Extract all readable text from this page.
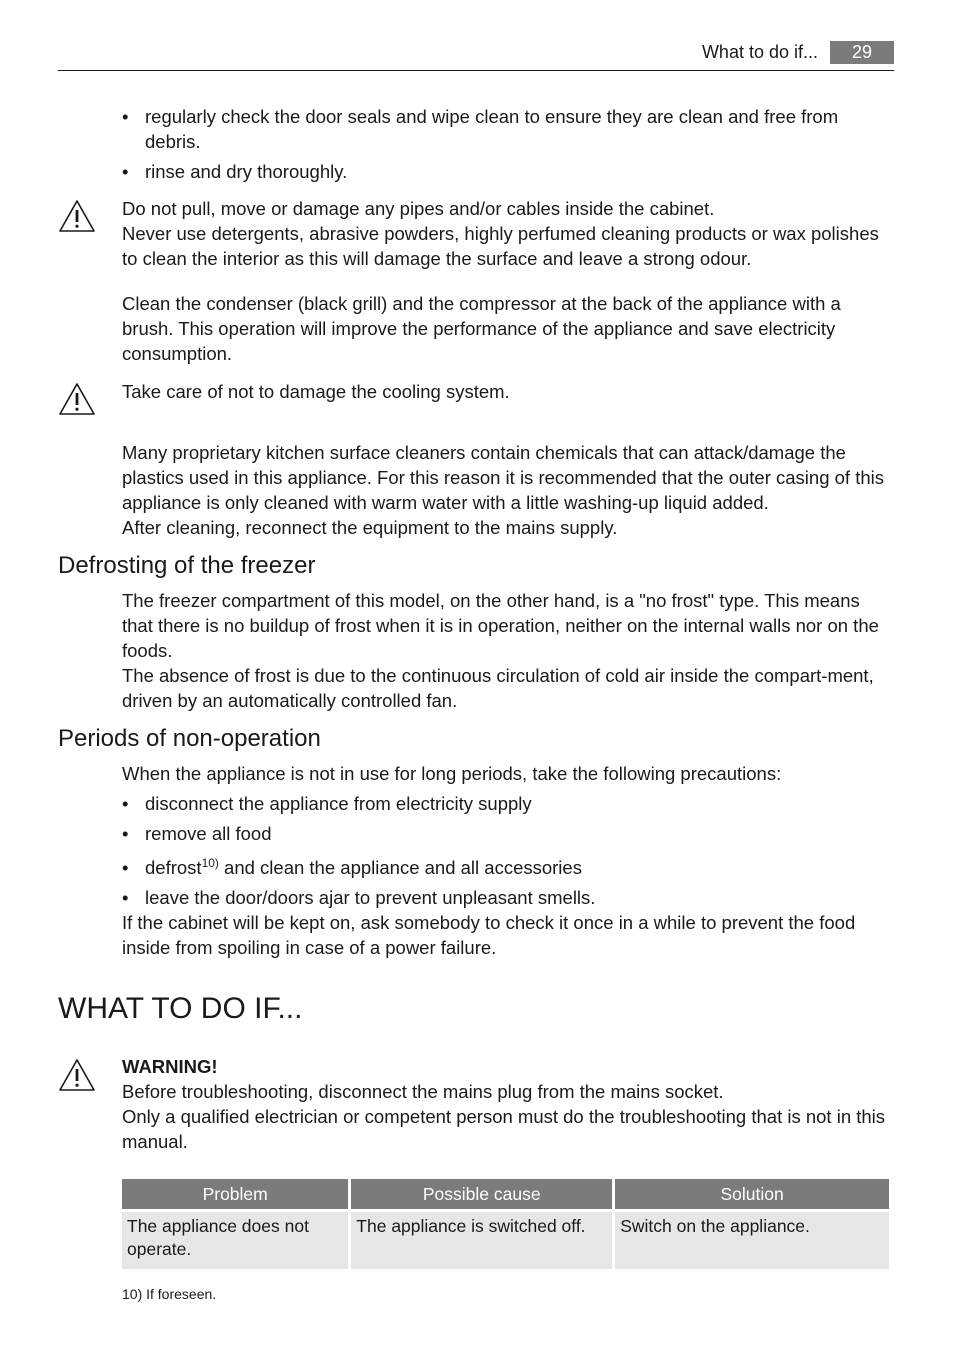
What to do if...	29
• regularly check the door seals and wipe clean to ensure they are clean and free from debris.
• rinse and dry thoroughly.

Do not pull, move or damage any pipes and/or cables inside the cabinet.

Never use detergents, abrasive powders, highly perfumed cleaning products or wax polishes to clean the interior as this will damage the surface and leave a strong odour.

Clean the condenser (black grill) and the compressor at the back of the appliance with a brush. This operation will improve the performance of the appliance and save electricity consumption.

Take care of not to damage the cooling system.

Many proprietary kitchen surface cleaners contain chemicals that can attack/damage the plastics used in this appliance. For this reason it is recommended that the outer casing of this appliance is only cleaned with warm water with a little washing-up liquid added.

After cleaning, reconnect the equipment to the mains supply.

Defrosting of the freezer

The freezer compartment of this model, on the other hand, is a "no frost" type. This means that there is no buildup of frost when it is in operation, neither on the internal walls nor on the foods.

The absence of frost is due to the continuous circulation of cold air inside the compart-ment, driven by an automatically controlled fan.

Periods of non-operation

When the appliance is not in use for long periods, take the following precautions:

• disconnect the appliance from electricity supply
• remove all food
• defrost$^{10)}$ and clean the appliance and all accessories
• leave the door/doors ajar to prevent unpleasant smells.

If the cabinet will be kept on, ask somebody to check it once in a while to prevent the food inside from spoiling in case of a power failure.

WHAT TO DO IF...

WARNING!

Before troubleshooting, disconnect the mains plug from the mains socket.

Only a qualified electrician or competent person must do the troubleshooting that is not in this manual.

Problem	Possible cause	Solution
The appliance does not operate.	The appliance is switched off.	Switch on the appliance.
10) If foreseen.
